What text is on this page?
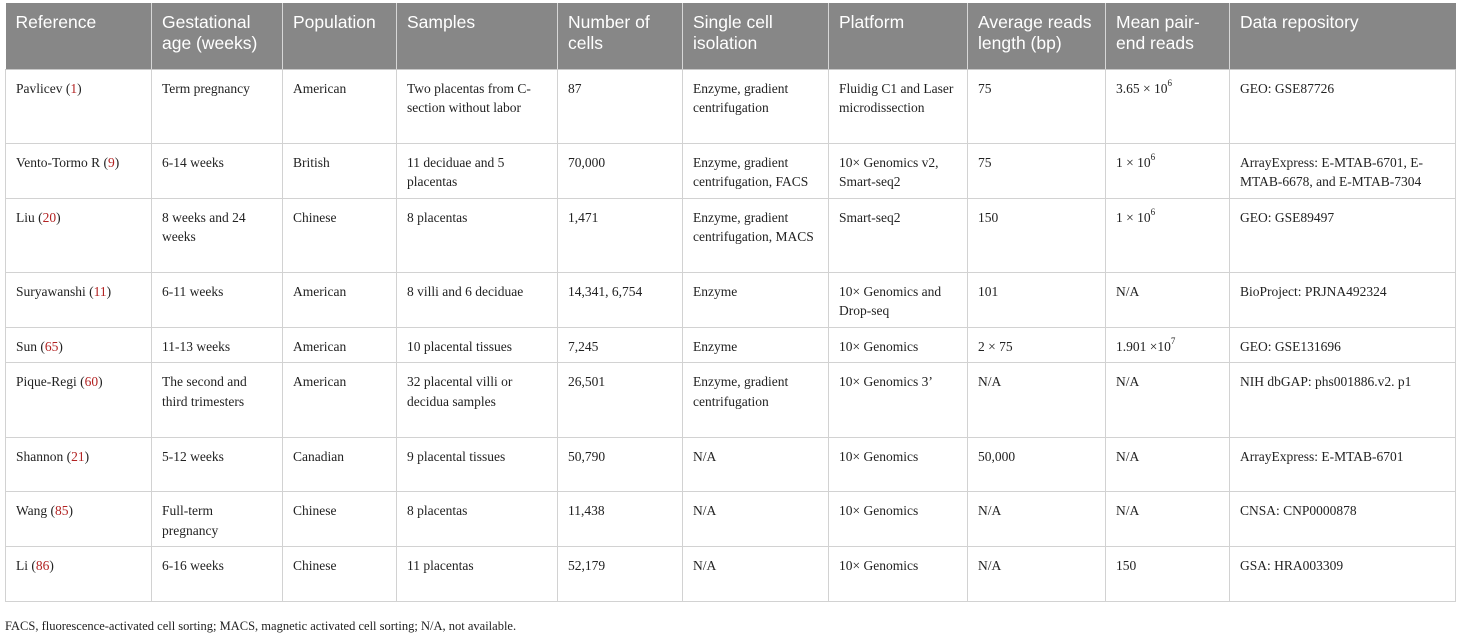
Reference	Gestational age (weeks)	Population	Samples	Number of cells	Single cell isolation	Platform	Average reads length (bp)	Mean pair-end reads	Data repository
Pavlicev (1)	Term pregnancy	American	Two placentas from C-section without labor	87	Enzyme, gradient centrifugation	Fluidig C1 and Laser microdissection	75	$3.65 \times 10^6$	GEO: GSE87726
Vento-Tormo R (9)	6-14 weeks	British	11 deciduae and 5 placentas	70,000	Enzyme, gradient centrifugation, FACS	10× Genomics v2, Smart-seq2	75	$1 \times 10^6$	ArrayExpress: E-MTAB-6701, E-MTAB-6678, and E-MTAB-7304
Liu (20)	8 weeks and 24 weeks	Chinese	8 placentas	1,471	Enzyme, gradient centrifugation, MACS	Smart-seq2	150	$1 \times 10^6$	GEO: GSE89497
Suryawanshi (11)	6-11 weeks	American	8 villi and 6 deciduae	14,341, 6,754	Enzyme	10× Genomics and Drop-seq	101	N/A	BioProject: PRJNA492324
Sun (65)	11-13 weeks	American	10 placental tissues	7,245	Enzyme	10× Genomics	2 × 75	$1.901 \times 10^7$	GEO: GSE131696
Pique-Regi (60)	The second and third trimesters	American	32 placental villi or decidua samples	26,501	Enzyme, gradient centrifugation	10× Genomics 3’	N/A	N/A	NIH dbGAP: phs001886.v2. p1
Shannon (21)	5-12 weeks	Canadian	9 placental tissues	50,790	N/A	10× Genomics	50,000	N/A	ArrayExpress: E-MTAB-6701
Wang (85)	Full-term pregnancy	Chinese	8 placentas	11,438	N/A	10× Genomics	N/A	N/A	CNSA: CNP0000878
Li (86)	6-16 weeks	Chinese	11 placentas	52,179	N/A	10× Genomics	N/A	150	GSA: HRA003309
FACS, fluorescence-activated cell sorting; MACS, magnetic activated cell sorting; N/A, not available.
